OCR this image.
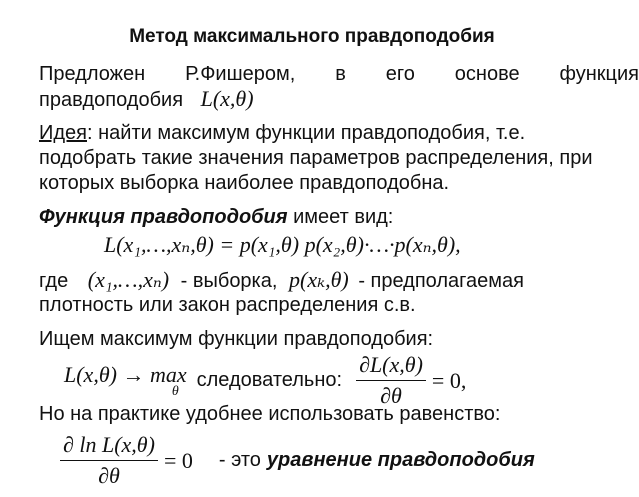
Метод максимального правдоподобия
Предложен Р.Фишером, в его основе функция
правдоподобия L(x,θ)
Идея: найти максимум функции правдоподобия, т.е.
подобрать такие значения параметров распределения, при
которых выборка наиболее правдоподобна.
Функция правдоподобия имеет вид:
L(x₁,…,xₙ,θ) = p(x₁,θ) p(x₂,θ)·…·p(xₙ,θ),
где (x₁,…,xₙ) - выборка, p(xₖ,θ) - предполагаемая
плотность или закон распределения с.в.
Ищем максимум функции правдоподобия:
L(x,θ) → max
θ следовательно: $\frac{\partial L(x,\theta)}{\partial\theta} = 0$,
Но на практике удобнее использовать равенство:
$\frac{\text{∂ ln L(x,θ)}}{\partial\theta} = 0$ - это уравнение правдоподобия
